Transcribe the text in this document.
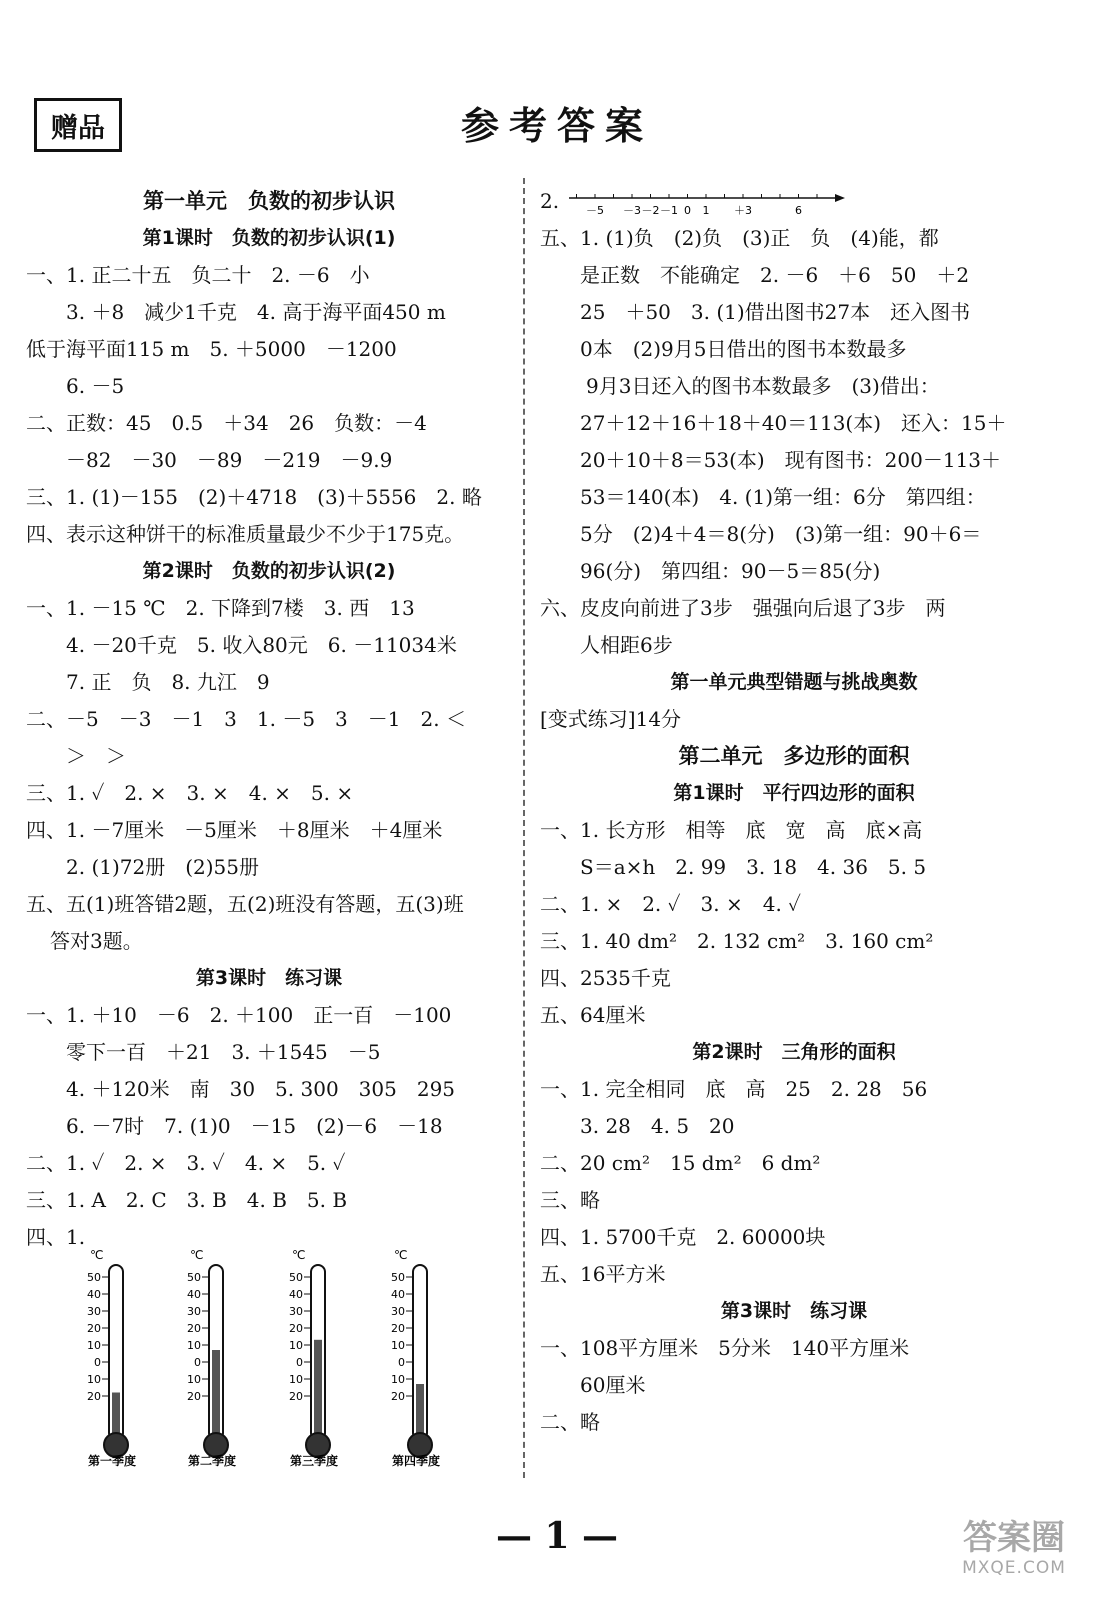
赠品	参考答案
第一单元　负数的初步认识
第1课时　负数的初步认识(1)
一、1. 正二十五　负二十　2. －6　小
3. ＋8　减少1千克　4. 高于海平面450 m
低于海平面115 m　5. ＋5000　－1200
6. －5
二、正数：45　0.5　＋34　26　负数：－4
－82　－30　－89　－219　－9.9
三、1. (1)－155　(2)＋4718　(3)＋5556　2. 略
四、表示这种饼干的标准质量最少不少于175克。
第2课时　负数的初步认识(2)
一、1. －15 ℃　2. 下降到7楼　3. 西　13
4. －20千克　5. 收入80元　6. －11034米
7. 正　负　8. 九江　9
二、－5　－3　－1　3　1. －5　3　－1　2. ＜
＞　＞
三、1. ✓　2. ×　3. ×　4. ×　5. ×
四、1. －7厘米　－5厘米　＋8厘米　＋4厘米
2. (1)72册　(2)55册
五、五(1)班答错2题，五(2)班没有答题，五(3)班
答对3题。
第3课时　练习课
一、1. ＋10　－6　2. ＋100　正一百　－100
零下一百　＋21　3. ＋1545　－5
4. ＋120米　南　30　5. 300　305　295
6. －7时　7. (1)0　－15　(2)－6　－18
二、1. ✓　2. ×　3. ✓　4. ×　5. ✓
三、1. A　2. C　3. B　4. B　5. B
四、1.
℃
50
40
30
20
10
0
10
20
第一季度
℃
50
40
30
20
10
0
10
20
第二季度
℃
50
40
30
20
10
0
10
20
第三季度
℃
50
40
30
20
10
0
10
20
第四季度
2. －5 －3 －2 －1 0 1 ＋3	6
五、1. (1)负　(2)负　(3)正　负　(4)能，都
是正数　不能确定　2. －6　＋6　50　＋2
25　＋50　3. (1)借出图书27本　还入图书
0本　(2)9月5日借出的图书本数最多
9月3日还入的图书本数最多　(3)借出：
27＋12＋16＋18＋40＝113(本)　还入：15＋
20＋10＋8＝53(本)　现有图书：200－113＋
53＝140(本)　4. (1)第一组：6分　第四组：
5分　(2)4＋4＝8(分)　(3)第一组：90＋6＝
96(分)　第四组：90－5＝85(分)
六、皮皮向前进了3步　强强向后退了3步　两
人相距6步
第一单元典型错题与挑战奥数
[变式练习]14分
第二单元　多边形的面积
第1课时　平行四边形的面积
一、1. 长方形　相等　底　宽　高　底×高
S＝a×h　2. 99　3. 18　4. 36　5. 5
二、1. ×　2. ✓　3. ×　4. ✓
三、1. 40 dm²　2. 132 cm²　3. 160 cm²
四、2535千克
五、64厘米
第2课时　三角形的面积
一、1. 完全相同　底　高　25　2. 28　56
3. 28　4. 5　20
二、20 cm²　15 dm²　6 dm²
三、略
四、1. 5700千克　2. 60000块
五、16平方米
第3课时　练习课
一、108平方厘米　5分米　140平方厘米
60厘米
二、略
— 1 —	答案圈
MXQE.COM
